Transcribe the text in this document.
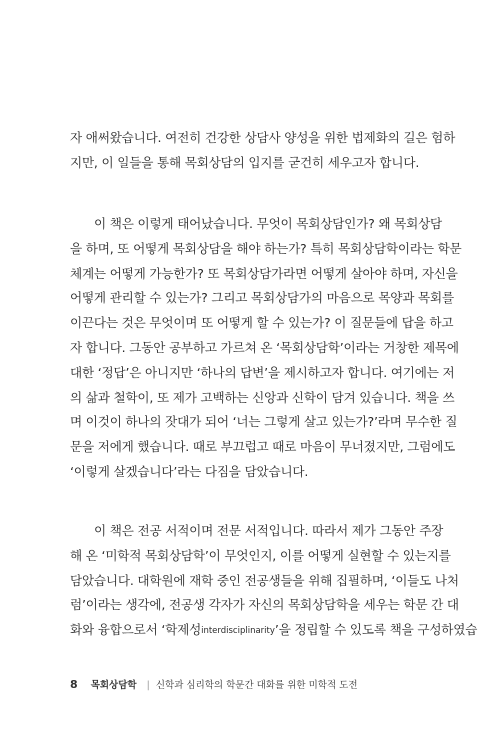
자 애써왔습니다. 여전히 건강한 상담사 양성을 위한 법제화의 길은 험하
지만, 이 일들을 통해 목회상담의 입지를 굳건히 세우고자 합니다.
이 책은 이렇게 태어났습니다. 무엇이 목회상담인가? 왜 목회상담
을 하며, 또 어떻게 목회상담을 해야 하는가? 특히 목회상담학이라는 학문
체계는 어떻게 가능한가? 또 목회상담가라면 어떻게 살아야 하며, 자신을
어떻게 관리할 수 있는가? 그리고 목회상담가의 마음으로 목양과 목회를
이끈다는 것은 무엇이며 또 어떻게 할 수 있는가? 이 질문들에 답을 하고
자 합니다. 그동안 공부하고 가르쳐 온 ‘목회상담학’이라는 거창한 제목에
대한 ‘정답’은 아니지만 ‘하나의 답변’을 제시하고자 합니다. 여기에는 저
의 삶과 철학이, 또 제가 고백하는 신앙과 신학이 담겨 있습니다. 책을 쓰
며 이것이 하나의 잣대가 되어 ‘너는 그렇게 살고 있는가?’라며 무수한 질
문을 저에게 했습니다. 때로 부끄럽고 때로 마음이 무너졌지만, 그럼에도
‘이렇게 살겠습니다’라는 다짐을 담았습니다.
이 책은 전공 서적이며 전문 서적입니다. 따라서 제가 그동안 주장
해 온 ‘미학적 목회상담학’이 무엇인지, 이를 어떻게 실현할 수 있는지를
담았습니다. 대학원에 재학 중인 전공생들을 위해 집필하며, ‘이들도 나처
럼’이라는 생각에, 전공생 각자가 자신의 목회상담학을 세우는 학문 간 대
화와 융합으로서 ‘학제성interdisciplinarity’을 정립할 수 있도록 책을 구성하였습
8 목회상담학 | 신학과 심리학의 학문간 대화를 위한 미학적 도전
